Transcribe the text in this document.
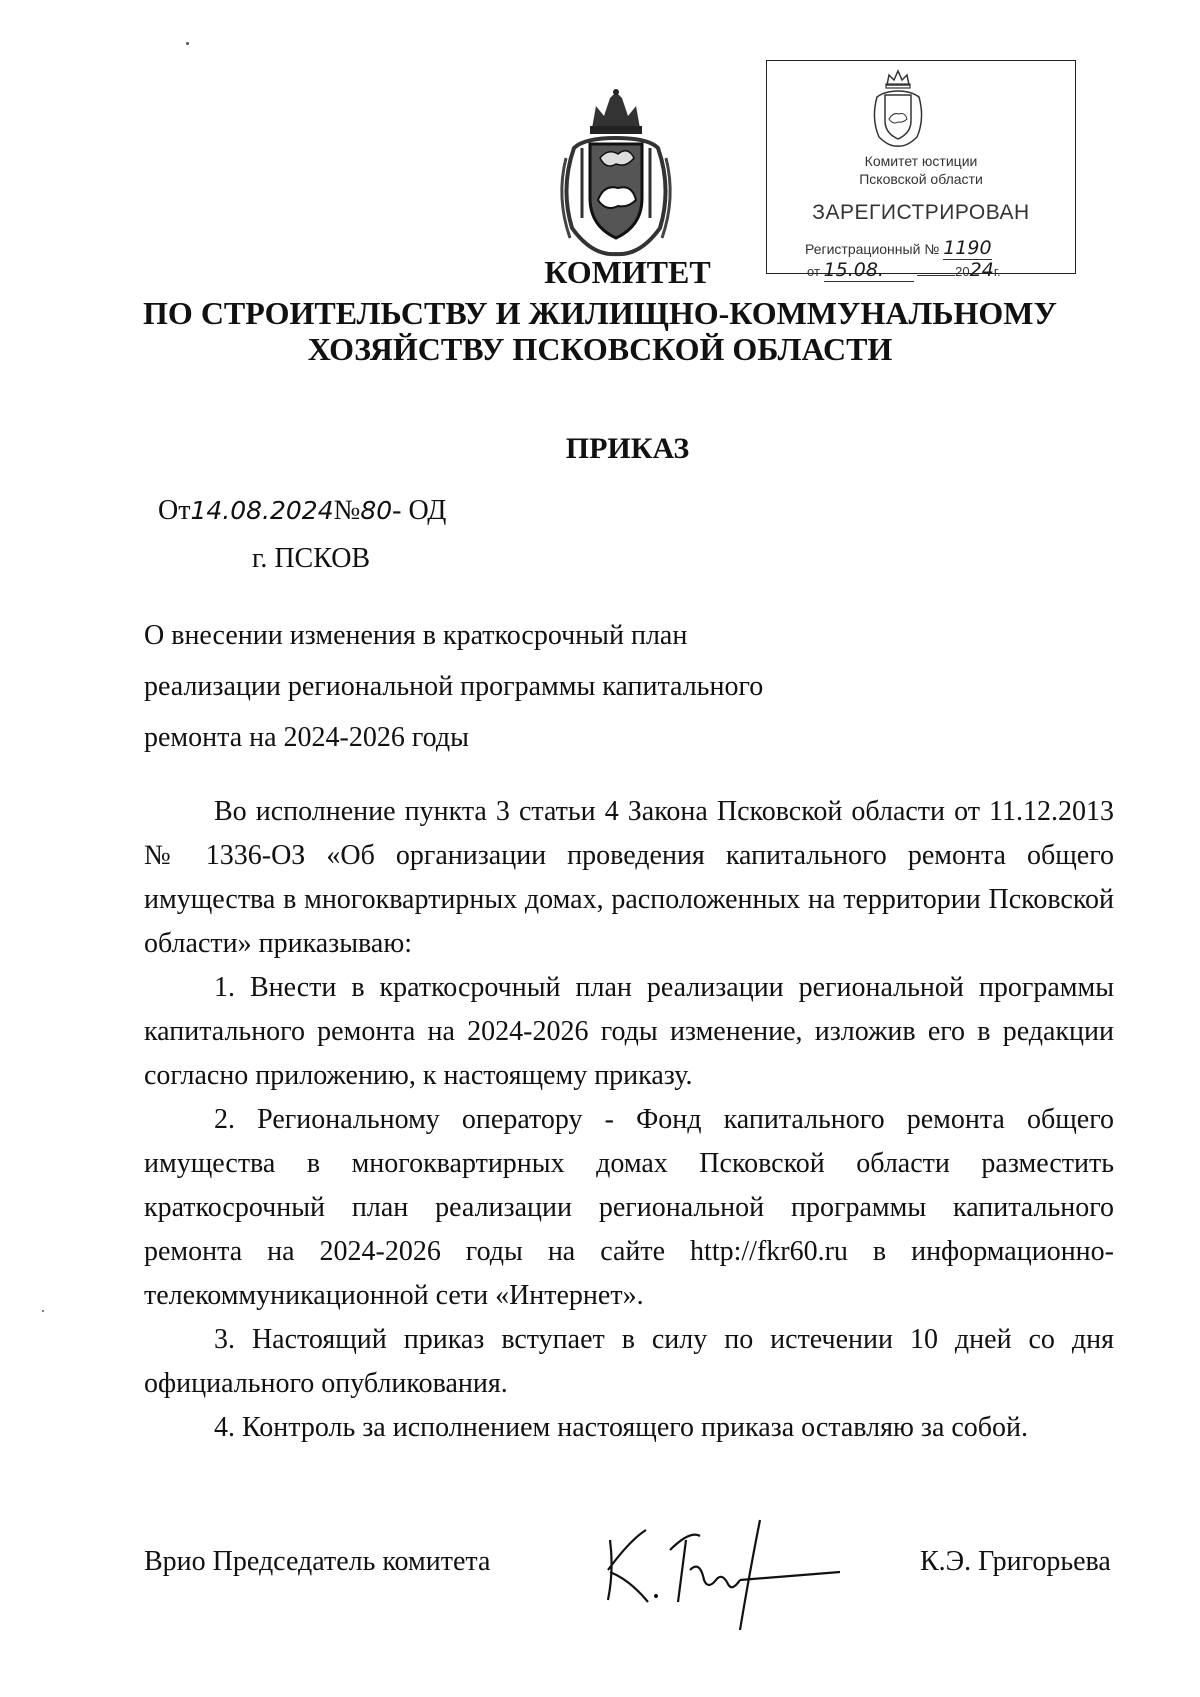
Комитет юстиции
Псковской области
ЗАРЕГИСТРИРОВАН
Регистрационный № 1190
от 15.08.	2024г.
КОМИТЕТ
ПО СТРОИТЕЛЬСТВУ И ЖИЛИЩНО-КОММУНАЛЬНОМУ
ХОЗЯЙСТВУ ПСКОВСКОЙ ОБЛАСТИ
ПРИКАЗ
От14.08.2024№80- ОД
г. ПСКОВ
О внесении изменения в краткосрочный план
реализации региональной программы капитального
ремонта на 2024-2026 годы
Во исполнение пункта 3 статьи 4 Закона Псковской области от 11.12.2013 № 1336-ОЗ «Об организации проведения капитального ремонта общего имущества в многоквартирных домах, расположенных на территории Псковской области» приказываю:
1. Внести в краткосрочный план реализации региональной программы капитального ремонта на 2024-2026 годы изменение, изложив его в редакции согласно приложению, к настоящему приказу.
2. Региональному оператору - Фонд капитального ремонта общего имущества в многоквартирных домах Псковской области разместить краткосрочный план реализации региональной программы капитального ремонта на 2024-2026 годы на сайте http://fkr60.ru в информационно-телекоммуникационной сети «Интернет».
3. Настоящий приказ вступает в силу по истечении 10 дней со дня официального опубликования.
4. Контроль за исполнением настоящего приказа оставляю за собой.
Врио Председатель комитета	К.Э. Григорьева
